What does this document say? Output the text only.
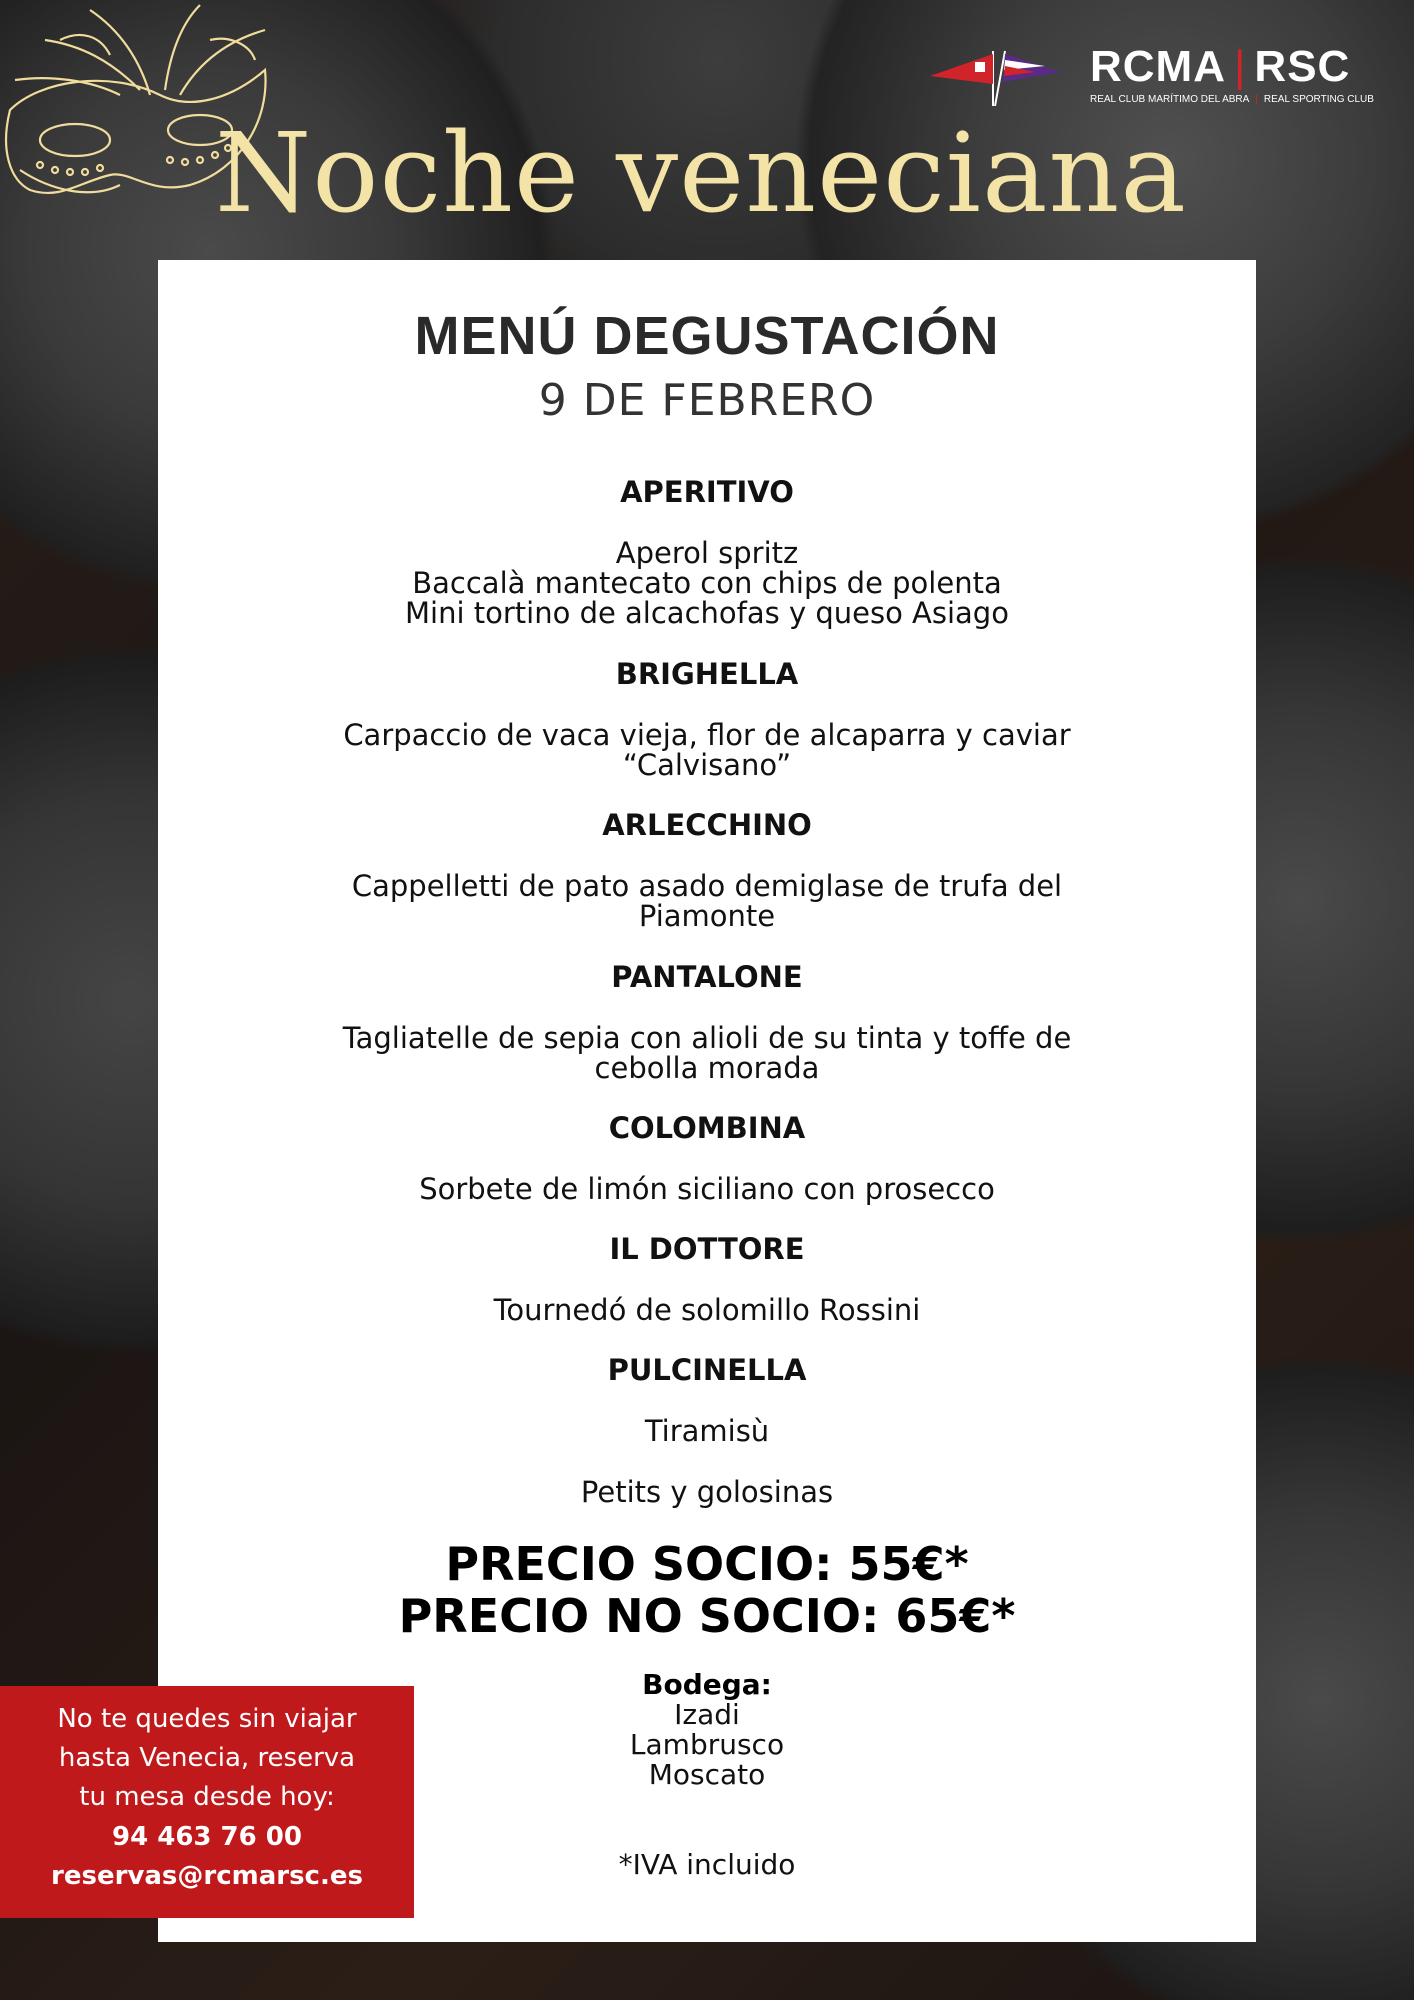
RCMA | RSC
REAL CLUB MARÍTIMO DEL ABRA | REAL SPORTING CLUB
Noche veneciana
MENÚ DEGUSTACIÓN
9 DE FEBRERO
APERITIVO
Aperol spritz
Baccalà mantecato con chips de polenta
Mini tortino de alcachofas y queso Asiago
BRIGHELLA
Carpaccio de vaca vieja, flor de alcaparra y caviar
“Calvisano”
ARLECCHINO
Cappelletti de pato asado demiglase de trufa del
Piamonte
PANTALONE
Tagliatelle de sepia con alioli de su tinta y toffe de
cebolla morada
COLOMBINA
Sorbete de limón siciliano con prosecco
IL DOTTORE
Tournedó de solomillo Rossini
PULCINELLA
Tiramisù
Petits y golosinas
PRECIO SOCIO: 55€*
PRECIO NO SOCIO: 65€*
Bodega:
Izadi
Lambrusco
Moscato
*IVA incluido
No te quedes sin viajar
hasta Venecia, reserva
tu mesa desde hoy:
94 463 76 00
reservas@rcmarsc.es
